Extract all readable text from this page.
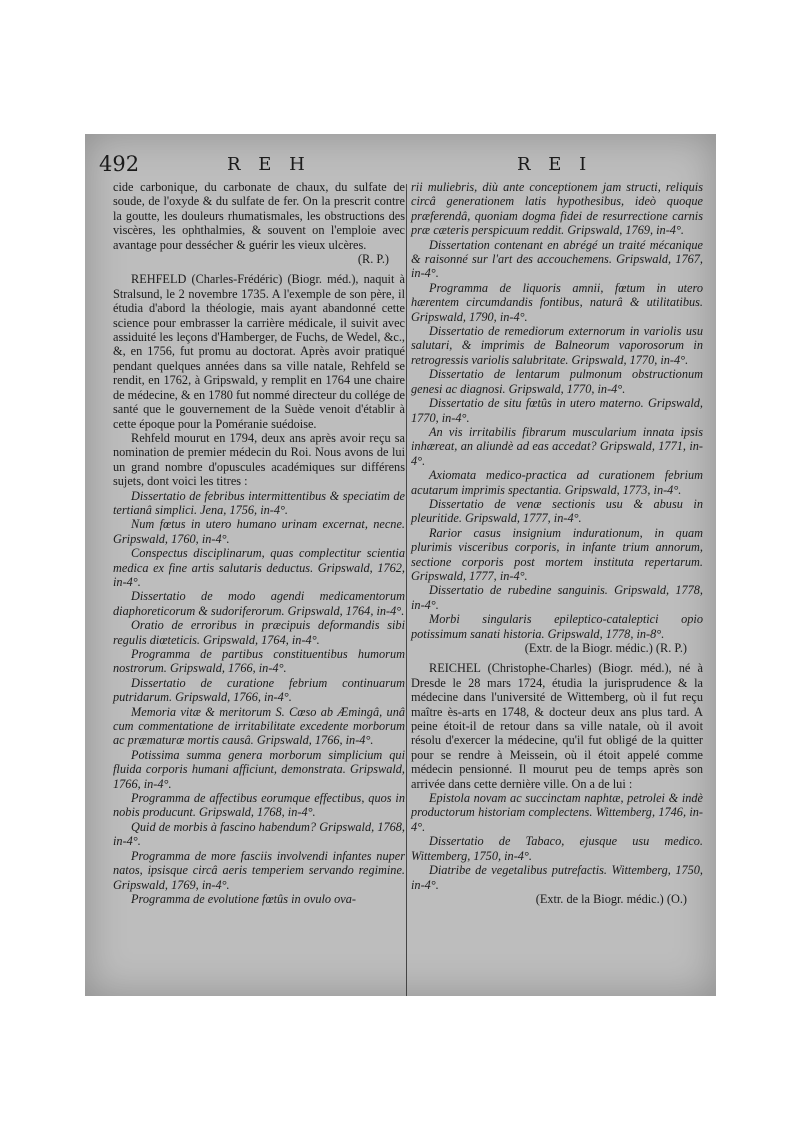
492	R E H	R E I

cide carbonique, du carbonate de chaux, du sulfate de soude, de l'oxyde & du sulfate de fer. On la prescrit contre la goutte, les douleurs rhumatismales, les obstructions des viscères, les ophthalmies, & souvent on l'emploie avec avantage pour dessécher & guérir les vieux ulcères.

(R. P.)

REHFELD (Charles-Frédéric) (Biogr. méd.), naquit à Stralsund, le 2 novembre 1735. A l'exemple de son père, il étudia d'abord la théologie, mais ayant abandonné cette science pour embrasser la carrière médicale, il suivit avec assiduité les leçons d'Hamberger, de Fuchs, de Wedel, &c., &, en 1756, fut promu au doctorat. Après avoir pratiqué pendant quelques années dans sa ville natale, Rehfeld se rendit, en 1762, à Gripswald, y remplit en 1764 une chaire de médecine, & en 1780 fut nommé directeur du collége de santé que le gouvernement de la Suède venoit d'établir à cette époque pour la Poméranie suédoise.

Rehfeld mourut en 1794, deux ans après avoir reçu sa nomination de premier médecin du Roi. Nous avons de lui un grand nombre d'opuscules académiques sur différens sujets, dont voici les titres :

Dissertatio de febribus intermittentibus & speciatim de tertianâ simplici. Jena, 1756, in-4°.

Num fœtus in utero humano urinam excernat, necne. Gripswald, 1760, in-4°.

Conspectus disciplinarum, quas complectitur scientia medica ex fine artis salutaris deductus. Gripswald, 1762, in-4°.

Dissertatio de modo agendi medicamentorum diaphoreticorum & sudoriferorum. Gripswald, 1764, in-4°.

Oratio de erroribus in præcipuis deformandis sibi regulis diœteticis. Gripswald, 1764, in-4°.

Programma de partibus constituentibus humorum nostrorum. Gripswald, 1766, in-4°.

Dissertatio de curatione febrium continuarum putridarum. Gripswald, 1766, in-4°.

Memoria vitæ & meritorum S. Cœso ab Æmingâ, unâ cum commentatione de irritabilitate excedente morborum ac præmaturæ mortis causâ. Gripswald, 1766, in-4°.

Potissima summa genera morborum simplicium qui fluida corporis humani afficiunt, demonstrata. Gripswald, 1766, in-4°.

Programma de affectibus eorumque effectibus, quos in nobis producunt. Gripswald, 1768, in-4°.

Quid de morbis à fascino habendum? Gripswald, 1768, in-4°.

Programma de more fasciis involvendi infantes nuper natos, ipsisque circâ aeris temperiem servando regimine. Gripswald, 1769, in-4°.

Programma de evolutione fœtûs in ovulo ova-

rii muliebris, diù ante conceptionem jam structi, reliquis circâ generationem latis hypothesibus, ideò quoque præferendâ, quoniam dogma fidei de resurrectione carnis præ cæteris perspicuum reddit. Gripswald, 1769, in-4°.

Dissertation contenant en abrégé un traité mécanique & raisonné sur l'art des accouchemens. Gripswald, 1767, in-4°.

Programma de liquoris amnii, fœtum in utero hærentem circumdandis fontibus, naturâ & utilitatibus. Gripswald, 1790, in-4°.

Dissertatio de remediorum externorum in variolis usu salutari, & imprimis de Balneorum vaporosorum in retrogressis variolis salubritate. Gripswald, 1770, in-4°.

Dissertatio de lentarum pulmonum obstructionum genesi ac diagnosi. Gripswald, 1770, in-4°.

Dissertatio de situ fœtûs in utero materno. Gripswald, 1770, in-4°.

An vis irritabilis fibrarum muscularium innata ipsis inhæreat, an aliundè ad eas accedat? Gripswald, 1771, in-4°.

Axiomata medico-practica ad curationem febrium acutarum imprimis spectantia. Gripswald, 1773, in-4°.

Dissertatio de venæ sectionis usu & abusu in pleuritide. Gripswald, 1777, in-4°.

Rarior casus insignium indurationum, in quam plurimis visceribus corporis, in infante trium annorum, sectione corporis post mortem instituta repertarum. Gripswald, 1777, in-4°.

Dissertatio de rubedine sanguinis. Gripswald, 1778, in-4°.

Morbi singularis epileptico-cataleptici opio potissimum sanati historia. Gripswald, 1778, in-8°.

(Extr. de la Biogr. médic.) (R. P.)

REICHEL (Christophe-Charles) (Biogr. méd.), né à Dresde le 28 mars 1724, étudia la jurisprudence & la médecine dans l'université de Wittemberg, où il fut reçu maître ès-arts en 1748, & docteur deux ans plus tard. A peine étoit-il de retour dans sa ville natale, où il avoit résolu d'exercer la médecine, qu'il fut obligé de la quitter pour se rendre à Meissein, où il étoit appelé comme médecin pensionné. Il mourut peu de temps après son arrivée dans cette dernière ville. On a de lui :

Epistola novam ac succinctam naphtæ, petrolei & indè productorum historiam complectens. Wittemberg, 1746, in-4°.

Dissertatio de Tabaco, ejusque usu medico. Wittemberg, 1750, in-4°.

Diatribe de vegetalibus putrefactis. Wittemberg, 1750, in-4°.

(Extr. de la Biogr. médic.) (O.)
